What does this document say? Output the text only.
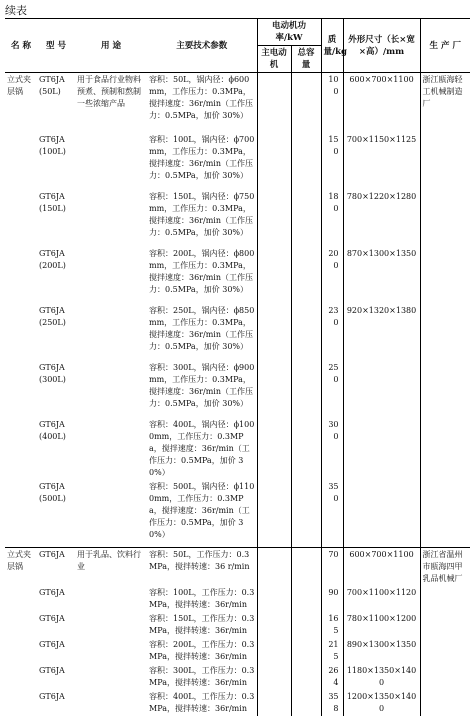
续表
名 称	型 号	用 途	主要技术参数	电动机功率/kW		质量/kg	外形尺寸（长×宽×高）/mm	生 产 厂
				主电动机	总容量			
立式夹层锅	GT6JA (50L)	用于食品行业物料预煮、预制和熬制一些浓缩产品	容积：50L，锅内径：ϕ600mm，工作压力：0.3MPa，搅拌速度：36r/min（工作压力：0.5MPa，加价 30%）			100	600×700×1100	浙江瓯海轻工机械制造厂
	GT6JA (100L)		容积：100L，锅内径：ϕ700mm，工作压力：0.3MPa，搅拌速度：36r/min（工作压力：0.5MPa，加价 30%）			150	700×1150×1125	
	GT6JA (150L)		容积：150L，锅内径：ϕ750mm，工作压力：0.3MPa，搅拌速度：36r/min（工作压力：0.5MPa，加价 30%）			180	780×1220×1280	
	GT6JA (200L)		容积：200L，锅内径：ϕ800mm，工作压力：0.3MPa，搅拌速度：36r/min（工作压力：0.5MPa，加价 30%）			200	870×1300×1350	
	GT6JA (250L)		容积：250L，锅内径：ϕ850mm，工作压力：0.3MPa，搅拌速度：36r/min（工作压力：0.5MPa，加价 30%）			230	920×1320×1380	
	GT6JA (300L)		容积：300L，锅内径：ϕ900mm，工作压力：0.3MPa，搅拌速度：36r/min（工作压力：0.5MPa，加价 30%）			250		
	GT6JA (400L)		容积：400L，锅内径：ϕ1000mm，工作压力：0.3MPa，搅拌速度：36r/min（工作压力：0.5MPa，加价 30%）			300		
	GT6JA (500L)		容积：500L，锅内径：ϕ1100mm，工作压力：0.3MPa，搅拌速度：36r/min（工作压力：0.5MPa，加价 30%）			350		
立式夹层锅	GT6JA	用于乳品、饮料行业	容积：50L，工作压力：0.3MPa，搅拌转速：36 r/min			70	600×700×1100	浙江省温州市瓯海四甲乳品机械厂
	GT6JA		容积：100L，工作压力：0.3MPa，搅拌转速：36r/min			90	700×1100×1120	
	GT6JA		容积：150L，工作压力：0.3MPa，搅拌转速：36r/min			165	780×1100×1200	
	GT6JA		容积：200L，工作压力：0.3MPa，搅拌转速：36r/min			215	890×1300×1350	
	GT6JA		容积：300L，工作压力：0.3MPa，搅拌转速：36r/min			264	1180×1350×1400	
	GT6JA		容积：400L，工作压力：0.3MPa，搅拌转速：36r/min			358	1200×1350×1400	
